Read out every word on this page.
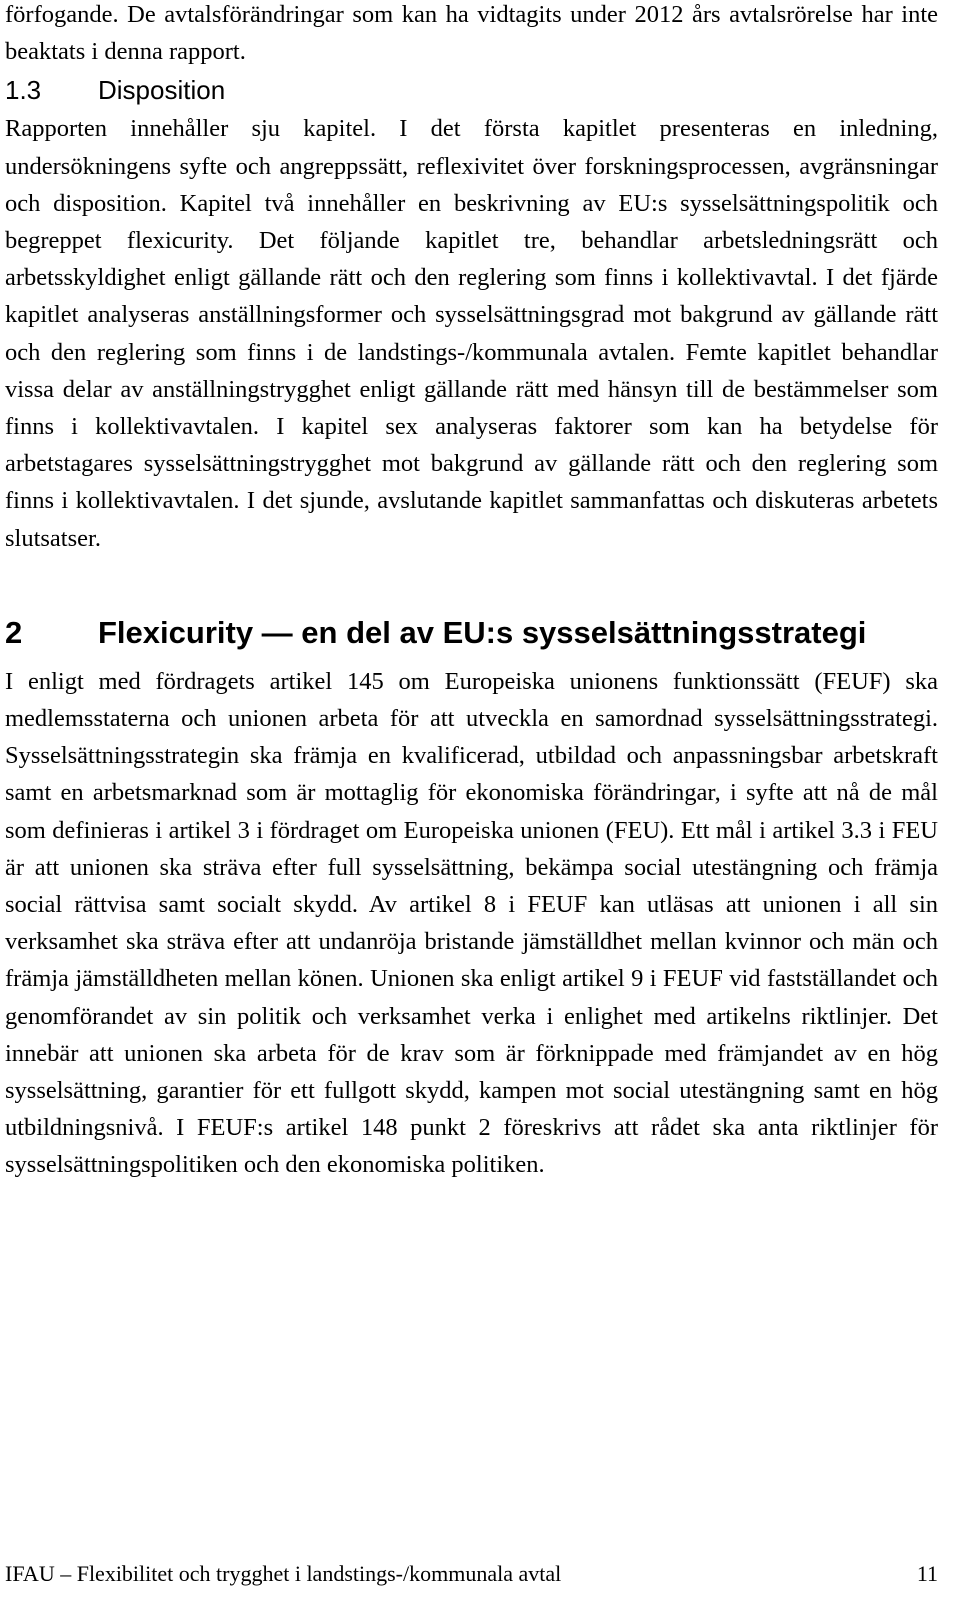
förfogande. De avtalsförändringar som kan ha vidtagits under 2012 års avtalsrörelse har inte beaktats i denna rapport.

1.3 Disposition

Rapporten innehåller sju kapitel. I det första kapitlet presenteras en inledning, undersökningens syfte och angreppssätt, reflexivitet över forskningsprocessen, avgränsningar och disposition. Kapitel två innehåller en beskrivning av EU:s sysselsättningspolitik och begreppet flexicurity. Det följande kapitlet tre, behandlar arbetsledningsrätt och arbetsskyldighet enligt gällande rätt och den reglering som finns i kollektivavtal. I det fjärde kapitlet analyseras anställningsformer och sysselsättningsgrad mot bakgrund av gällande rätt och den reglering som finns i de landstings-/kommunala avtalen. Femte kapitlet behandlar vissa delar av anställningstrygghet enligt gällande rätt med hänsyn till de bestämmelser som finns i kollektivavtalen. I kapitel sex analyseras faktorer som kan ha betydelse för arbetstagares sysselsättningstrygghet mot bakgrund av gällande rätt och den reglering som finns i kollektivavtalen. I det sjunde, avslutande kapitlet sammanfattas och diskuteras arbetets slutsatser.

2	Flexicurity — en del av EU:s sysselsättningsstrategi

I enligt med fördragets artikel 145 om Europeiska unionens funktionssätt (FEUF) ska medlemsstaterna och unionen arbeta för att utveckla en samordnad sysselsättningsstrategi. Sysselsättningsstrategin ska främja en kvalificerad, utbildad och anpassningsbar arbetskraft samt en arbetsmarknad som är mottaglig för ekonomiska förändringar, i syfte att nå de mål som definieras i artikel 3 i fördraget om Europeiska unionen (FEU). Ett mål i artikel 3.3 i FEU är att unionen ska sträva efter full sysselsättning, bekämpa social utestängning och främja social rättvisa samt socialt skydd. Av artikel 8 i FEUF kan utläsas att unionen i all sin verksamhet ska sträva efter att undanröja bristande jämställdhet mellan kvinnor och män och främja jämställdheten mellan könen. Unionen ska enligt artikel 9 i FEUF vid fastställandet och genomförandet av sin politik och verksamhet verka i enlighet med artikelns riktlinjer. Det innebär att unionen ska arbeta för de krav som är förknippade med främjandet av en hög sysselsättning, garantier för ett fullgott skydd, kampen mot social utestängning samt en hög utbildningsnivå. I FEUF:s artikel 148 punkt 2 föreskrivs att rådet ska anta riktlinjer för sysselsättningspolitiken och den ekonomiska politiken.

IFAU – Flexibilitet och trygghet i landstings-/kommunala avtal	11
